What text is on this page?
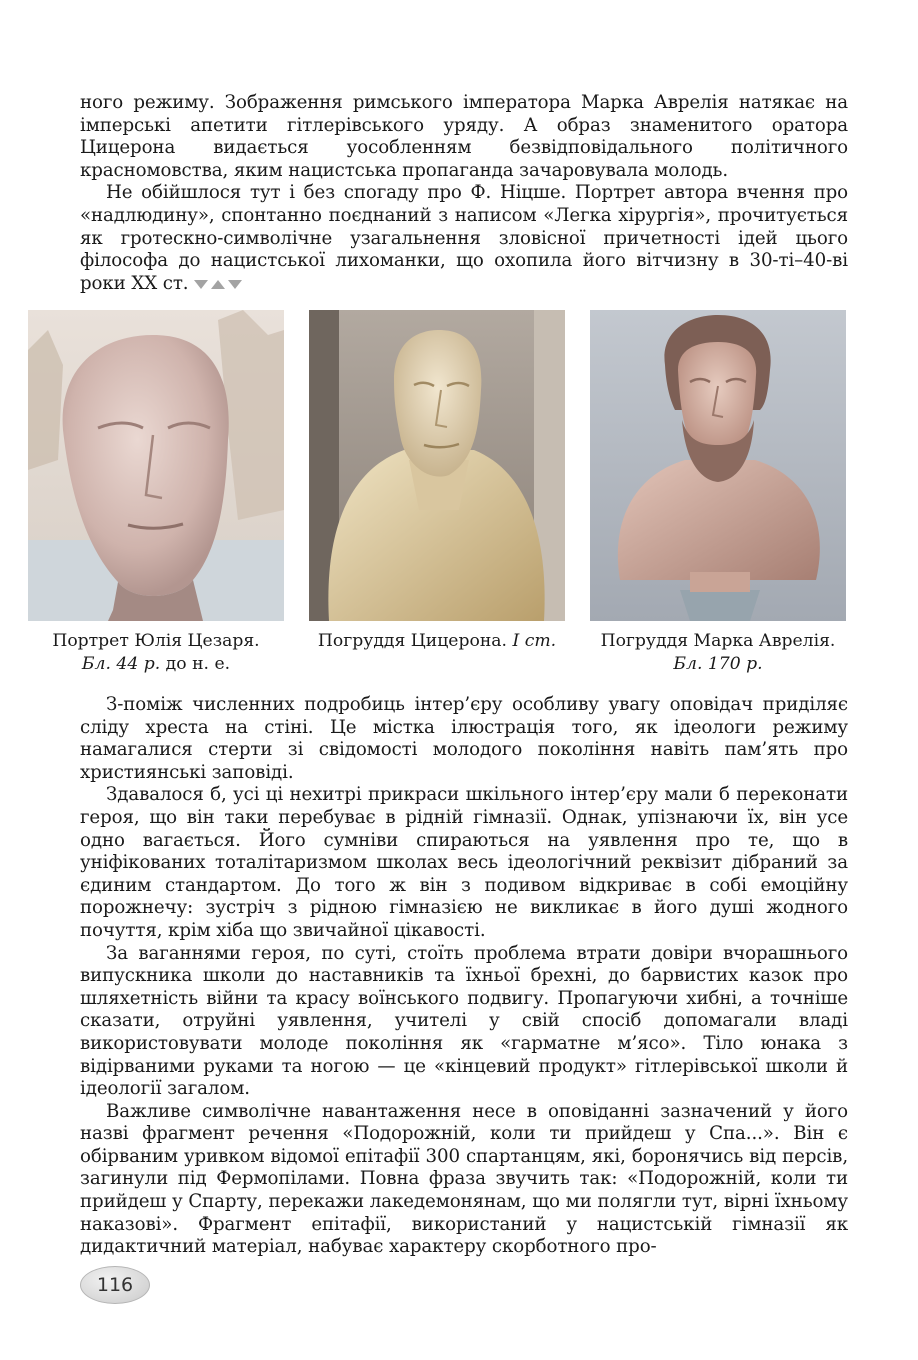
ного режиму. Зображення римського імператора Марка Аврелія натякає на імперські апетити гітлерівського уряду. А образ знаменитого оратора Цицерона видається уособленням безвідповідального політичного красномовства, яким нацистська пропаганда зачаровувала молодь.

Не обійшлося тут і без спогаду про Ф. Ніцше. Портрет автора вчення про «надлюдину», спонтанно поєднаний з написом «Легка хірургія», прочитується як гротескно-символічне узагальнення зловісної причетності ідей цього філософа до нацистської лихоманки, що охопила його вітчизну в 30-ті–40-ві роки XX ст.

Портрет Юлія Цезаря.
Бл. 44 р. до н. е.
Погруддя Цицерона. I ст.	Погруддя Марка Аврелія.
Бл. 170 р.

З-поміж численних подробиць інтер’єру особливу увагу оповідач приділяє сліду хреста на стіні. Це місткa ілюстрація того, як ідеологи режиму намагалися стерти зі свідомості молодого покоління навіть пам’ять про християнські заповіді.

Здавалося б, усі ці нехитрі прикраси шкільного інтер’єру мали б переконати героя, що він таки перебуває в рідній гімназії. Однак, упізнаючи їх, він усе одно вагається. Його сумніви спираються на уявлення про те, що в уніфікованих тоталітаризмом школах весь ідеологічний реквізит дібраний за єдиним стандартом. До того ж він з подивом відкриває в собі емоційну порожнечу: зустріч з рідною гімназією не викликає в його душі жодного почуття, крім хіба що звичайної цікавості.

За ваганнями героя, по суті, стоїть проблема втрати довіри вчорашнього випускника школи до наставників та їхньої брехні, до барвистих казок про шляхетність війни та красу воїнського подвигу. Пропагуючи хибні, а точніше сказати, отруйні уявлення, учителі у свій спосіб допомагали владі використовувати молоде покоління як «гарматне м’ясо». Тіло юнака з відірваними руками та ногою — це «кінцевий продукт» гітлерівської школи й ідеології загалом.

Важливе символічне навантаження несе в оповіданні зазначений у його назві фрагмент речення «Подорожній, коли ти прийдеш у Спа...». Він є обірваним уривком відомої епітафії 300 спартанцям, які, боронячись від персів, загинули під Фермопілами. Повна фраза звучить так: «Подорожній, коли ти прийдеш у Спарту, перекажи лакедемонянам, що ми полягли тут, вірні їхньому наказові». Фрагмент епітафії, використаний у нацистській гімназії як дидактичний матеріал, набуває характеру скорботного про-

116
